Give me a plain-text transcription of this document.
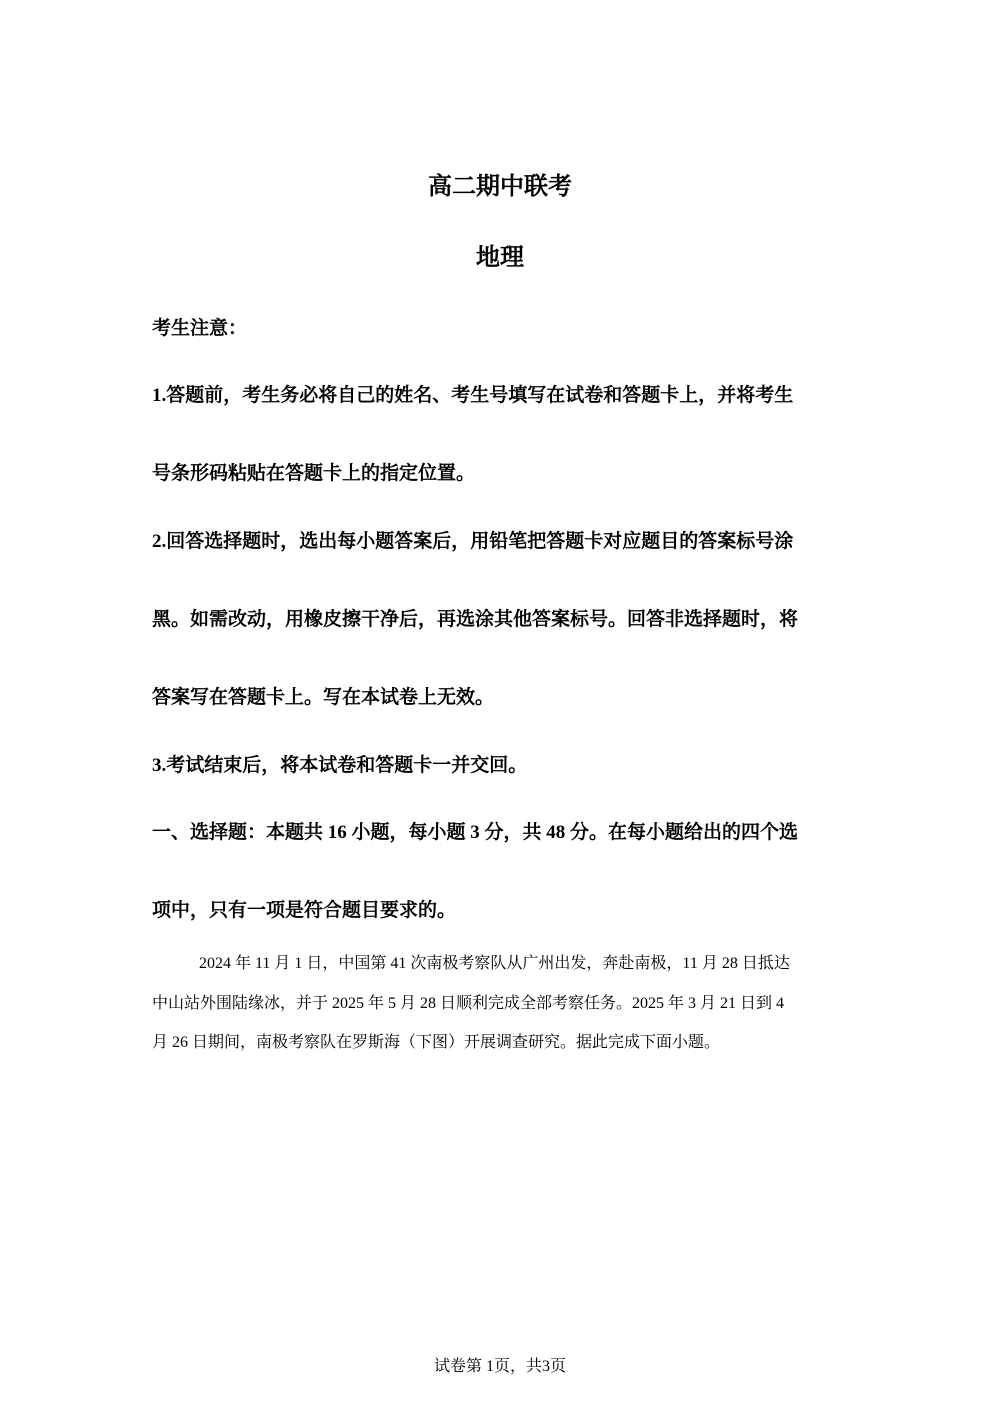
高二期中联考
地理
考生注意：
1.答题前，考生务必将自己的姓名、考生号填写在试卷和答题卡上，并将考生
号条形码粘贴在答题卡上的指定位置。
2.回答选择题时，选出每小题答案后，用铅笔把答题卡对应题目的答案标号涂
黑。如需改动，用橡皮擦干净后，再选涂其他答案标号。回答非选择题时，将
答案写在答题卡上。写在本试卷上无效。
3.考试结束后，将本试卷和答题卡一并交回。
一、选择题：本题共 16 小题，每小题 3 分，共 48 分。在每小题给出的四个选
项中，只有一项是符合题目要求的。
2024 年 11 月 1 日，中国第 41 次南极考察队从广州出发，奔赴南极，11 月 28 日抵达
中山站外围陆缘冰，并于 2025 年 5 月 28 日顺利完成全部考察任务。2025 年 3 月 21 日到 4
月 26 日期间，南极考察队在罗斯海（下图）开展调查研究。据此完成下面小题。
试卷第 1页，共3页
